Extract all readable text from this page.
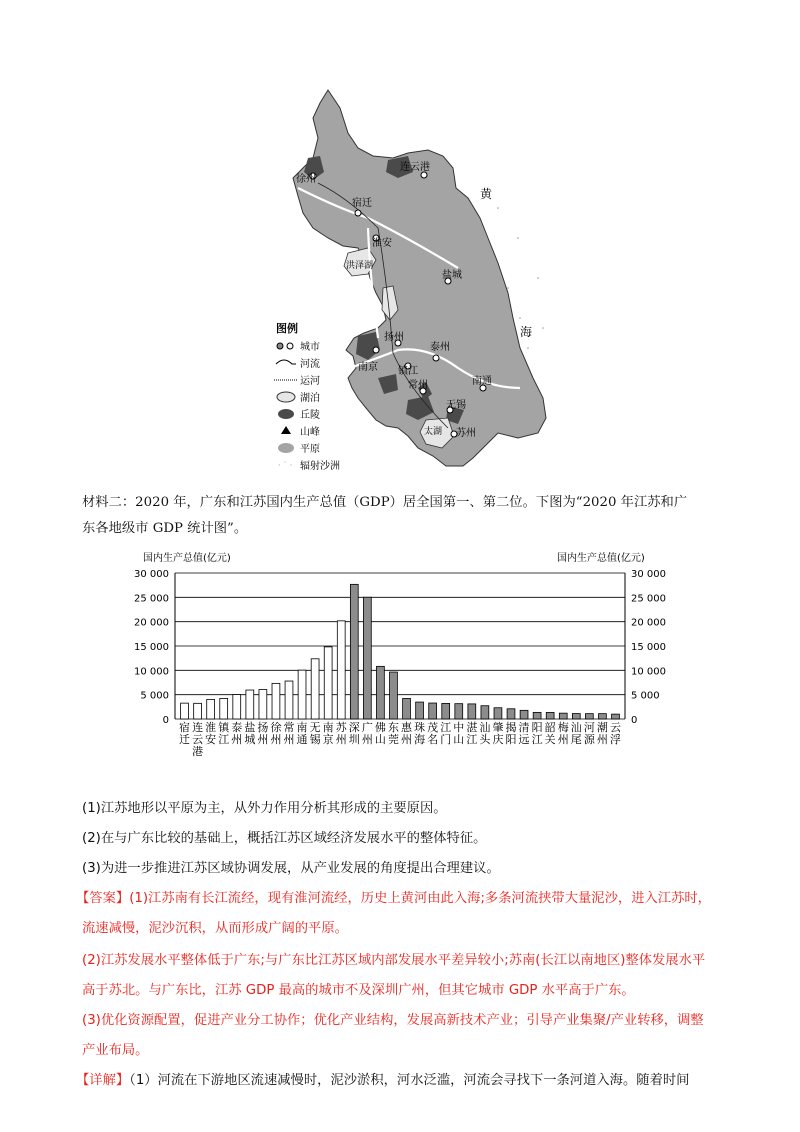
徐州
连云港
宿迁
淮安
洪泽湖
盐城
扬州
南京 镇江
泰州
常州	南通
无锡
太湖 苏州
黄
海
图例
城市
河流
运河
湖泊
丘陵
山峰
平原
· ˙ · 辐射沙洲
材料二：2020 年，广东和江苏国内生产总值（GDP）居全国第一、第二位。下图为“2020 年江苏和广
东各地级市 GDP 统计图”。
国内生产总值(亿元)	国内生产总值(亿元)
30 000	30 000
25 000	25 000
20 000	20 000
15 000	15 000
10 000	10 000
5 000	5 000
0	0
宿迁
连云港
淮安
镇江
泰州
盐城
扬州
徐州
常州
南通
无锡
南京
苏州
深圳
广州
佛山
东莞
惠州
珠海
茂名
江门
中山
湛江
汕头
肇庆
揭阳
清远
阳江
韶关
梅州
汕尾
河源
潮州
云浮
(1)江苏地形以平原为主，从外力作用分析其形成的主要原因。
(2)在与广东比较的基础上，概括江苏区域经济发展水平的整体特征。
(3)为进一步推进江苏区域协调发展，从产业发展的角度提出合理建议。
【答案】(1)江苏南有长江流经，现有淮河流经，历史上黄河由此入海;多条河流挟带大量泥沙，进入江苏时，
流速减慢，泥沙沉积，从而形成广阔的平原。
(2)江苏发展水平整体低于广东;与广东比江苏区域内部发展水平差异较小;苏南(长江以南地区)整体发展水平
高于苏北。与广东比，江苏 GDP 最高的城市不及深圳广州，但其它城市 GDP 水平高于广东。
(3)优化资源配置，促进产业分工协作；优化产业结构，发展高新技术产业；引导产业集聚/产业转移，调整
产业布局。
【详解】（1）河流在下游地区流速减慢时，泥沙淤积，河水泛滥，河流会寻找下一条河道入海。随着时间
